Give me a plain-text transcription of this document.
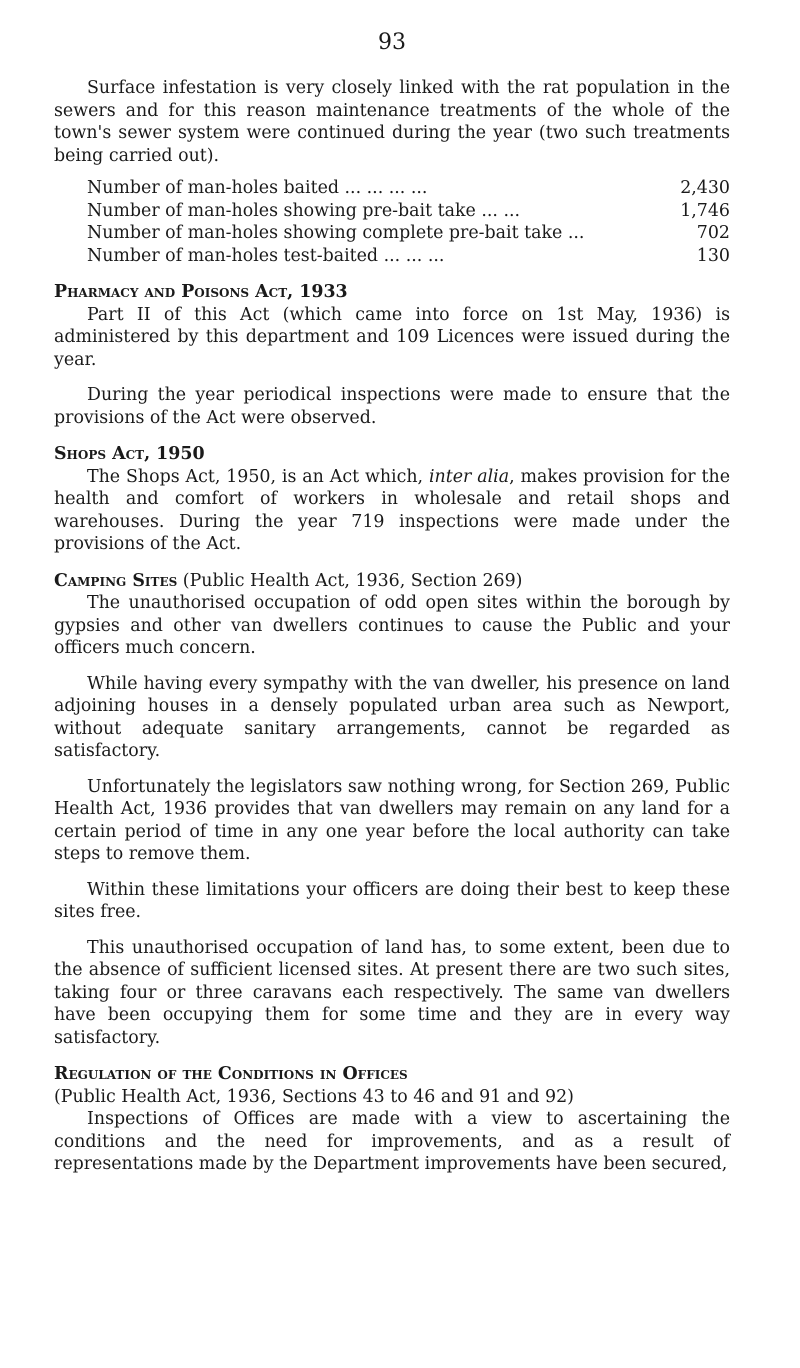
93

Surface infestation is very closely linked with the rat population in the sewers and for this reason maintenance treatments of the whole of the town's sewer system were continued during the year (two such treatments being carried out).

Number of man-holes baited ... ... ... ...	2,430
Number of man-holes showing pre-bait take ... ...	1,746
Number of man-holes showing complete pre-bait take ...	702
Number of man-holes test-baited ... ... ...	130
Pharmacy and Poisons Act, 1933

Part II of this Act (which came into force on 1st May, 1936) is administered by this department and 109 Licences were issued during the year.

During the year periodical inspections were made to ensure that the provisions of the Act were observed.

Shops Act, 1950

The Shops Act, 1950, is an Act which, inter alia, makes provision for the health and comfort of workers in wholesale and retail shops and warehouses. During the year 719 inspections were made under the provisions of the Act.

Camping Sites (Public Health Act, 1936, Section 269)

The unauthorised occupation of odd open sites within the borough by gypsies and other van dwellers continues to cause the Public and your officers much concern.

While having every sympathy with the van dweller, his presence on land adjoining houses in a densely populated urban area such as Newport, without adequate sanitary arrangements, cannot be regarded as satisfactory.

Unfortunately the legislators saw nothing wrong, for Section 269, Public Health Act, 1936 provides that van dwellers may remain on any land for a certain period of time in any one year before the local authority can take steps to remove them.

Within these limitations your officers are doing their best to keep these sites free.

This unauthorised occupation of land has, to some extent, been due to the absence of sufficient licensed sites. At present there are two such sites, taking four or three caravans each respectively. The same van dwellers have been occupying them for some time and they are in every way satisfactory.

Regulation of the Conditions in Offices
(Public Health Act, 1936, Sections 43 to 46 and 91 and 92)

Inspections of Offices are made with a view to ascertaining the conditions and the need for improvements, and as a result of representations made by the Department improvements have been secured,
